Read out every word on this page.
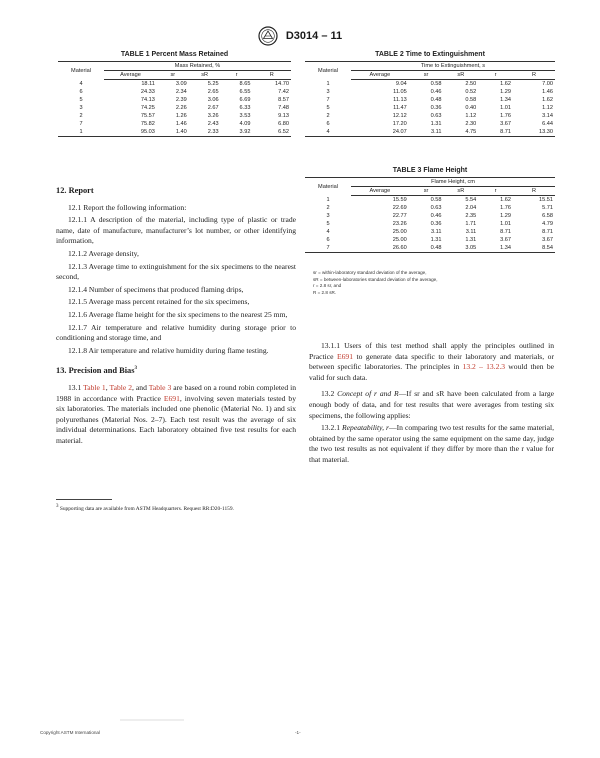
D3014 – 11
TABLE 1 Percent Mass Retained
Material	Mass Retained, %				
	Average	sr	sR	r	R
4	18.11	3.09	5.25	8.65	14.70
6	24.33	2.34	2.65	6.55	7.42
5	74.13	2.39	3.06	6.69	8.57
3	74.25	2.26	2.67	6.33	7.48
2	75.57	1.26	3.26	3.53	9.13
7	75.82	1.46	2.43	4.09	6.80
1	95.03	1.40	2.33	3.92	6.52
TABLE 2 Time to Extinguishment
Material	Time to Extinguishment, s				
	Average	sr	sR	r	R
1	9.04	0.58	2.50	1.62	7.00
3	11.05	0.46	0.52	1.29	1.46
7	11.13	0.48	0.58	1.34	1.62
5	11.47	0.36	0.40	1.01	1.12
2	12.12	0.63	1.12	1.76	3.14
6	17.20	1.31	2.30	3.67	6.44
4	24.07	3.11	4.75	8.71	13.30
TABLE 3 Flame Height
Material	Flame Height, cm				
	Average	sr	sR	r	R
1	15.59	0.58	5.54	1.62	15.51
2	22.69	0.63	2.04	1.76	5.71
3	22.77	0.46	2.35	1.29	6.58
5	23.26	0.36	1.71	1.01	4.79
4	25.00	3.11	3.11	8.71	8.71
6	25.00	1.31	1.31	3.67	3.67
7	26.60	0.48	3.05	1.34	8.54
sr = within-laboratory standard deviation of the average,
sR = between-laboratories standard deviation of the average,
r = 2.8 sr, and
R = 2.8 sR.
12. Report

12.1 Report the following information:

12.1.1 A description of the material, including type of plastic or trade name, date of manufacture, manufacturer’s lot number, or other identifying information,

12.1.2 Average density,

12.1.3 Average time to extinguishment for the six specimens to the nearest second,

12.1.4 Number of specimens that produced flaming drips,

12.1.5 Average mass percent retained for the six specimens,

12.1.6 Average flame height for the six specimens to the nearest 25 mm,

12.1.7 Air temperature and relative humidity during storage prior to conditioning and storage time, and

12.1.8 Air temperature and relative humidity during flame testing.

13. Precision and Bias$^3$

13.1 Table 1, Table 2, and Table 3 are based on a round robin completed in 1988 in accordance with Practice E691, involving seven materials tested by six laboratories. The materials included one phenolic (Material No. 1) and six polyurethanes (Material Nos. 2–7). Each test result was the average of six individual determinations. Each laboratory obtained five test results for each material.

$^3$ Supporting data are available from ASTM Headquarters. Request RR:D20-1159.

13.1.1 Users of this test method shall apply the principles outlined in Practice E691 to generate data specific to their laboratory and materials, or between specific laboratories. The principles in 13.2 – 13.2.3 would then be valid for such data.

13.2 Concept of r and R—If sr and sR have been calculated from a large enough body of data, and for test results that were averages from testing six specimens, the following applies:

13.2.1 Repeatability, r—In comparing two test results for the same material, obtained by the same operator using the same equipment on the same day, judge the two test results as not equivalent if they differ by more than the r value for that material.

Copyright ASTM International	-1-
